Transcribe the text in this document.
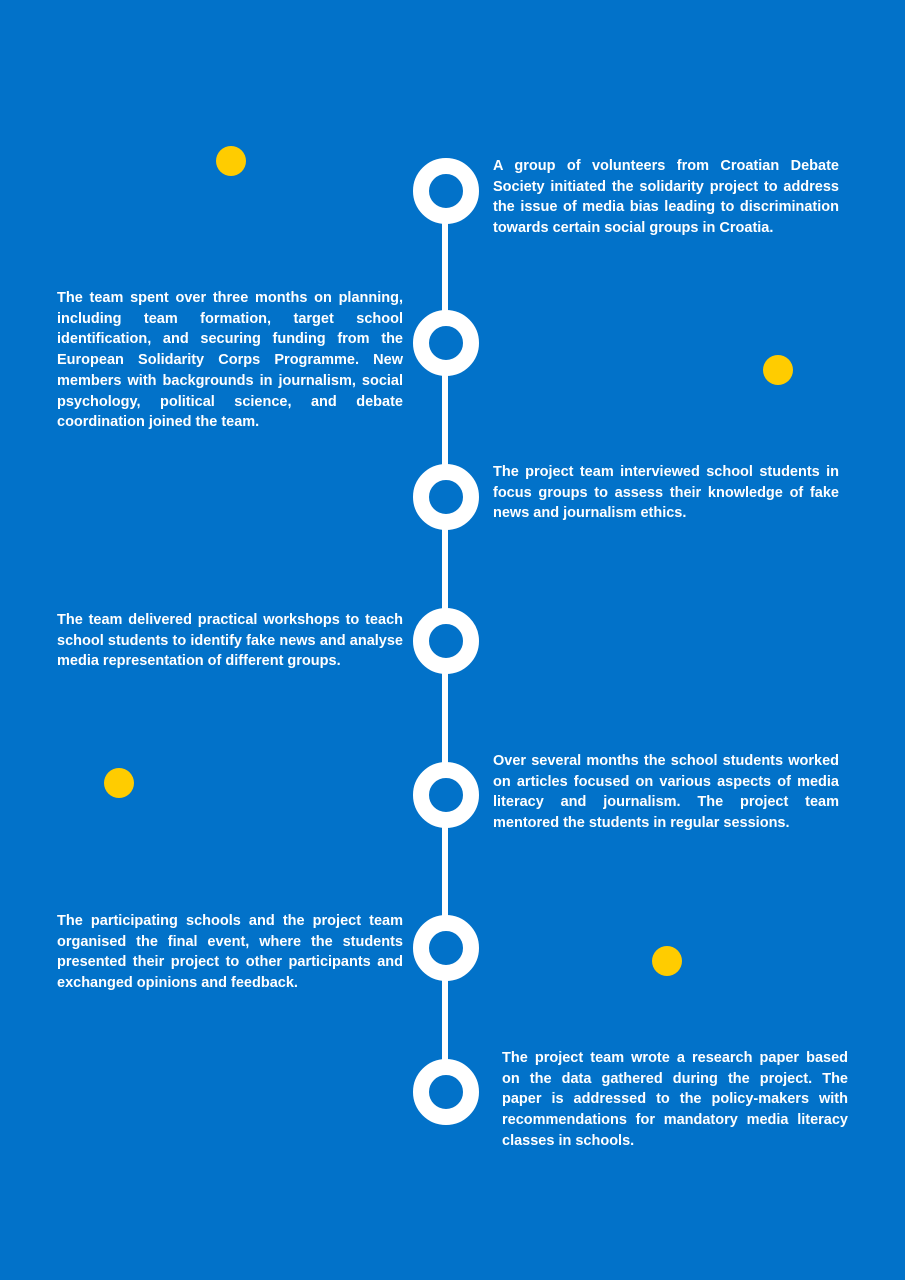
A group of volunteers from Croatian Debate Society initiated the solidarity project to address the issue of media bias leading to discrimination towards certain social groups in Croatia.
The team spent over three months on planning, including team formation, target school identification, and securing funding from the European Solidarity Corps Programme. New members with backgrounds in journalism, social psychology, political science, and debate coordination joined the team.
The project team interviewed school students in focus groups to assess their knowledge of fake news and journalism ethics.
The team delivered practical workshops to teach school students to identify fake news and analyse media representation of different groups.
Over several months the school students worked on articles focused on various aspects of media literacy and journalism. The project team mentored the students in regular sessions.
The participating schools and the project team organised the final event, where the students presented their project to other participants and exchanged opinions and feedback.
The project team wrote a research paper based on the data gathered during the project. The paper is addressed to the policy-makers with recommendations for mandatory media literacy classes in schools.
